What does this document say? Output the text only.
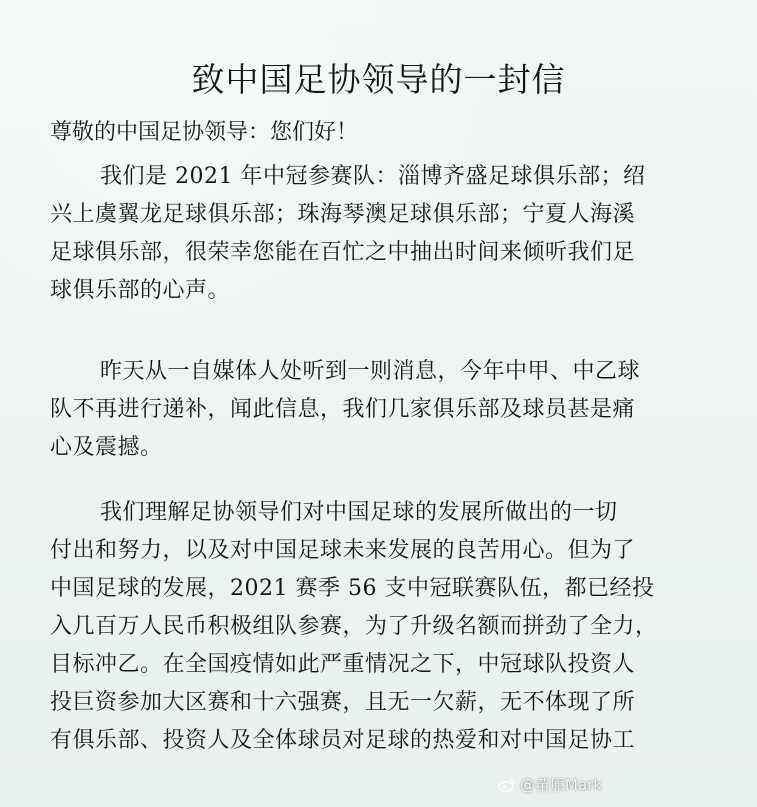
致中国足协领导的一封信

尊敬的中国足协领导：您们好！

我们是 2021 年中冠参赛队：淄博齐盛足球俱乐部；绍
兴上虞翼龙足球俱乐部；珠海琴澳足球俱乐部；宁夏人海溪
足球俱乐部，很荣幸您能在百忙之中抽出时间来倾听我们足
球俱乐部的心声。

昨天从一自媒体人处听到一则消息，今年中甲、中乙球
队不再进行递补，闻此信息，我们几家俱乐部及球员甚是痛
心及震撼。

我们理解足协领导们对中国足球的发展所做出的一切
付出和努力，以及对中国足球未来发展的良苦用心。但为了
中国足球的发展，2021 赛季 56 支中冠联赛队伍，都已经投
入几百万人民币积极组队参赛，为了升级名额而拼劲了全力，
目标冲乙。在全国疫情如此严重情况之下，中冠球队投资人
投巨资参加大区赛和十六强赛，且无一欠薪，无不体现了所
有俱乐部、投资人及全体球员对足球的热爱和对中国足协工

@苗原Mark
